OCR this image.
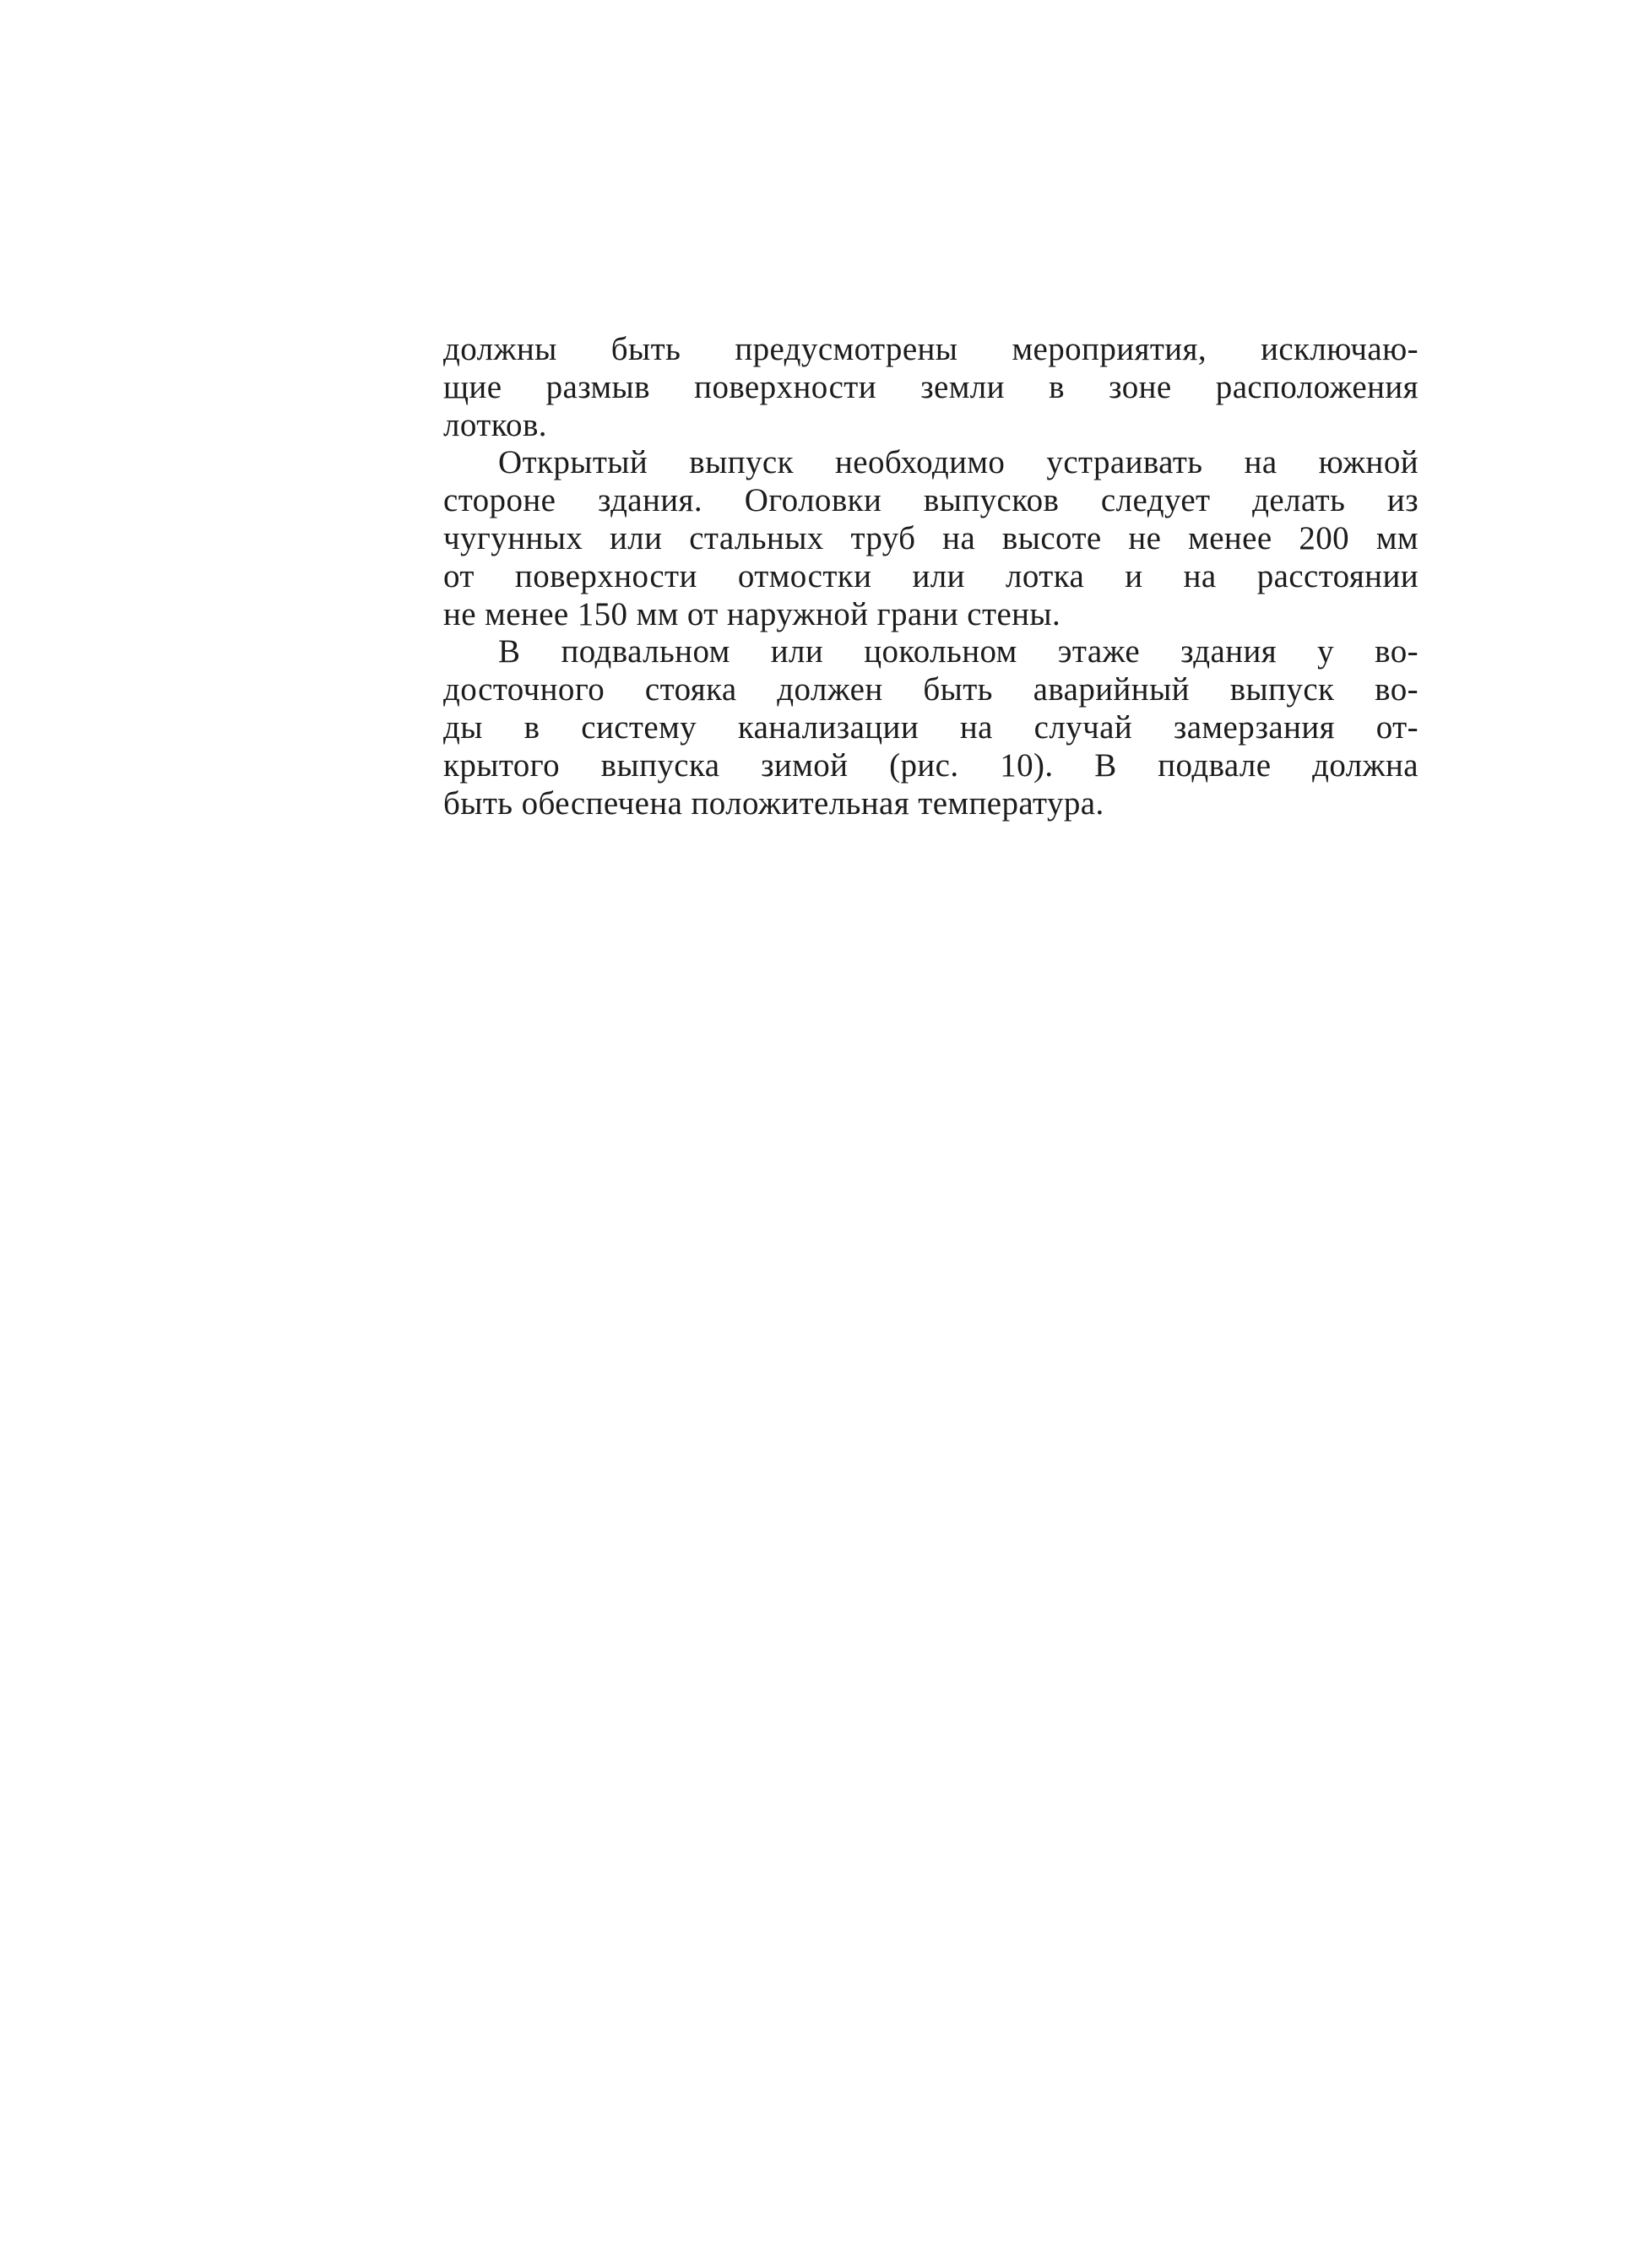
должны быть предусмотрены мероприятия, исключаю-
щие размыв поверхности земли в зоне расположения
лотков.
Открытый выпуск необходимо устраивать на южной
стороне здания. Оголовки выпусков следует делать из
чугунных или стальных труб на высоте не менее 200 мм
от поверхности отмостки или лотка и на расстоянии
не менее 150 мм от наружной грани стены.
В подвальном или цокольном этаже здания у во-
досточного стояка должен быть аварийный выпуск во-
ды в систему канализации на случай замерзания от-
крытого выпуска зимой (рис. 10). В подвале должна
быть обеспечена положительная температура.
